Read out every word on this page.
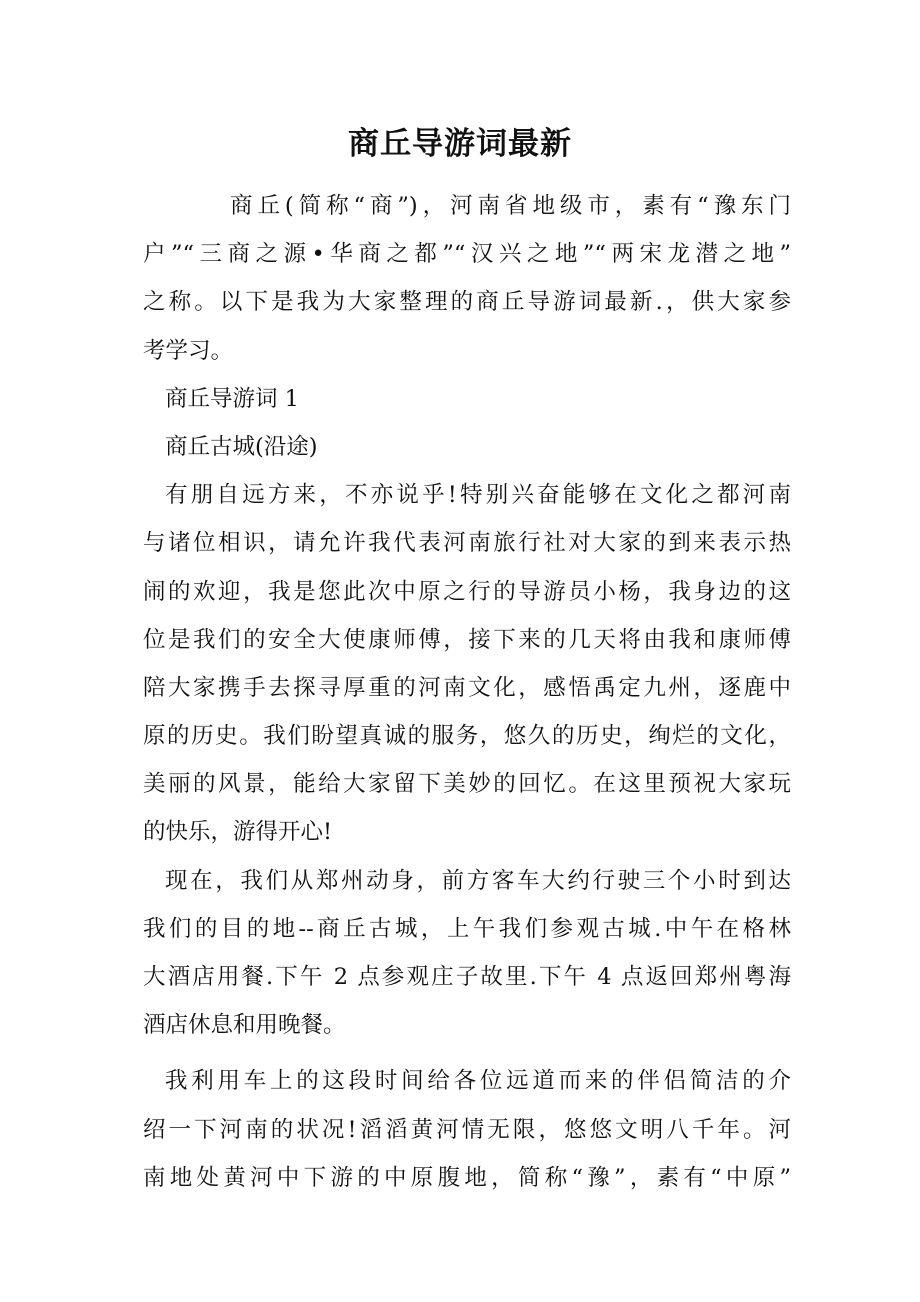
商丘导游词最新
商丘(简称“商”)，河南省地级市，素有“豫东门
户”“三商之源•华商之都”“汉兴之地”“两宋龙潜之地”
之称。以下是我为大家整理的商丘导游词最新.，供大家参
考学习。
商丘导游词 1
商丘古城(沿途)
有朋自远方来，不亦说乎!特别兴奋能够在文化之都河南
与诸位相识，请允许我代表河南旅行社对大家的到来表示热
闹的欢迎，我是您此次中原之行的导游员小杨，我身边的这
位是我们的安全大使康师傅，接下来的几天将由我和康师傅
陪大家携手去探寻厚重的河南文化，感悟禹定九州，逐鹿中
原的历史。我们盼望真诚的服务，悠久的历史，绚烂的文化，
美丽的风景，能给大家留下美妙的回忆。在这里预祝大家玩
的快乐，游得开心!
现在，我们从郑州动身，前方客车大约行驶三个小时到达
我们的目的地--商丘古城，上午我们参观古城.中午在格林
大酒店用餐.下午 2 点参观庄子故里.下午 4 点返回郑州粤海
酒店休息和用晚餐。
我利用车上的这段时间给各位远道而来的伴侣简洁的介
绍一下河南的状况!滔滔黄河情无限，悠悠文明八千年。河
南地处黄河中下游的中原腹地，简称“豫”，素有“中原”
